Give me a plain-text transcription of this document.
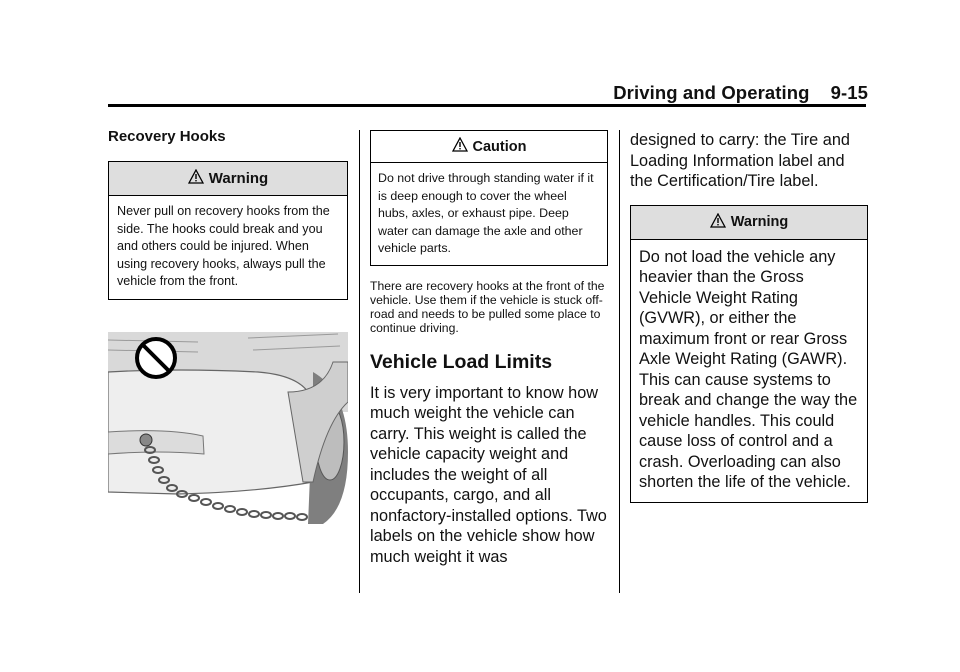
Driving and Operating 9-15
Recovery Hooks
Warning
Never pull on recovery hooks from the side. The hooks could break and you and others could be injured. When using recovery hooks, always pull the vehicle from the front.
Caution
Do not drive through standing water if it is deep enough to cover the wheel hubs, axles, or exhaust pipe. Deep water can damage the axle and other vehicle parts.

There are recovery hooks at the front of the vehicle. Use them if the vehicle is stuck off-road and needs to be pulled some place to continue driving.

Vehicle Load Limits

It is very important to know how much weight the vehicle can carry. This weight is called the vehicle capacity weight and includes the weight of all occupants, cargo, and all nonfactory-installed options. Two labels on the vehicle show how much weight it was

designed to carry: the Tire and Loading Information label and the Certification/Tire label.

Warning
Do not load the vehicle any heavier than the Gross Vehicle Weight Rating (GVWR), or either the maximum front or rear Gross Axle Weight Rating (GAWR). This can cause systems to break and change the way the vehicle handles. This could cause loss of control and a crash. Overloading can also shorten the life of the vehicle.
